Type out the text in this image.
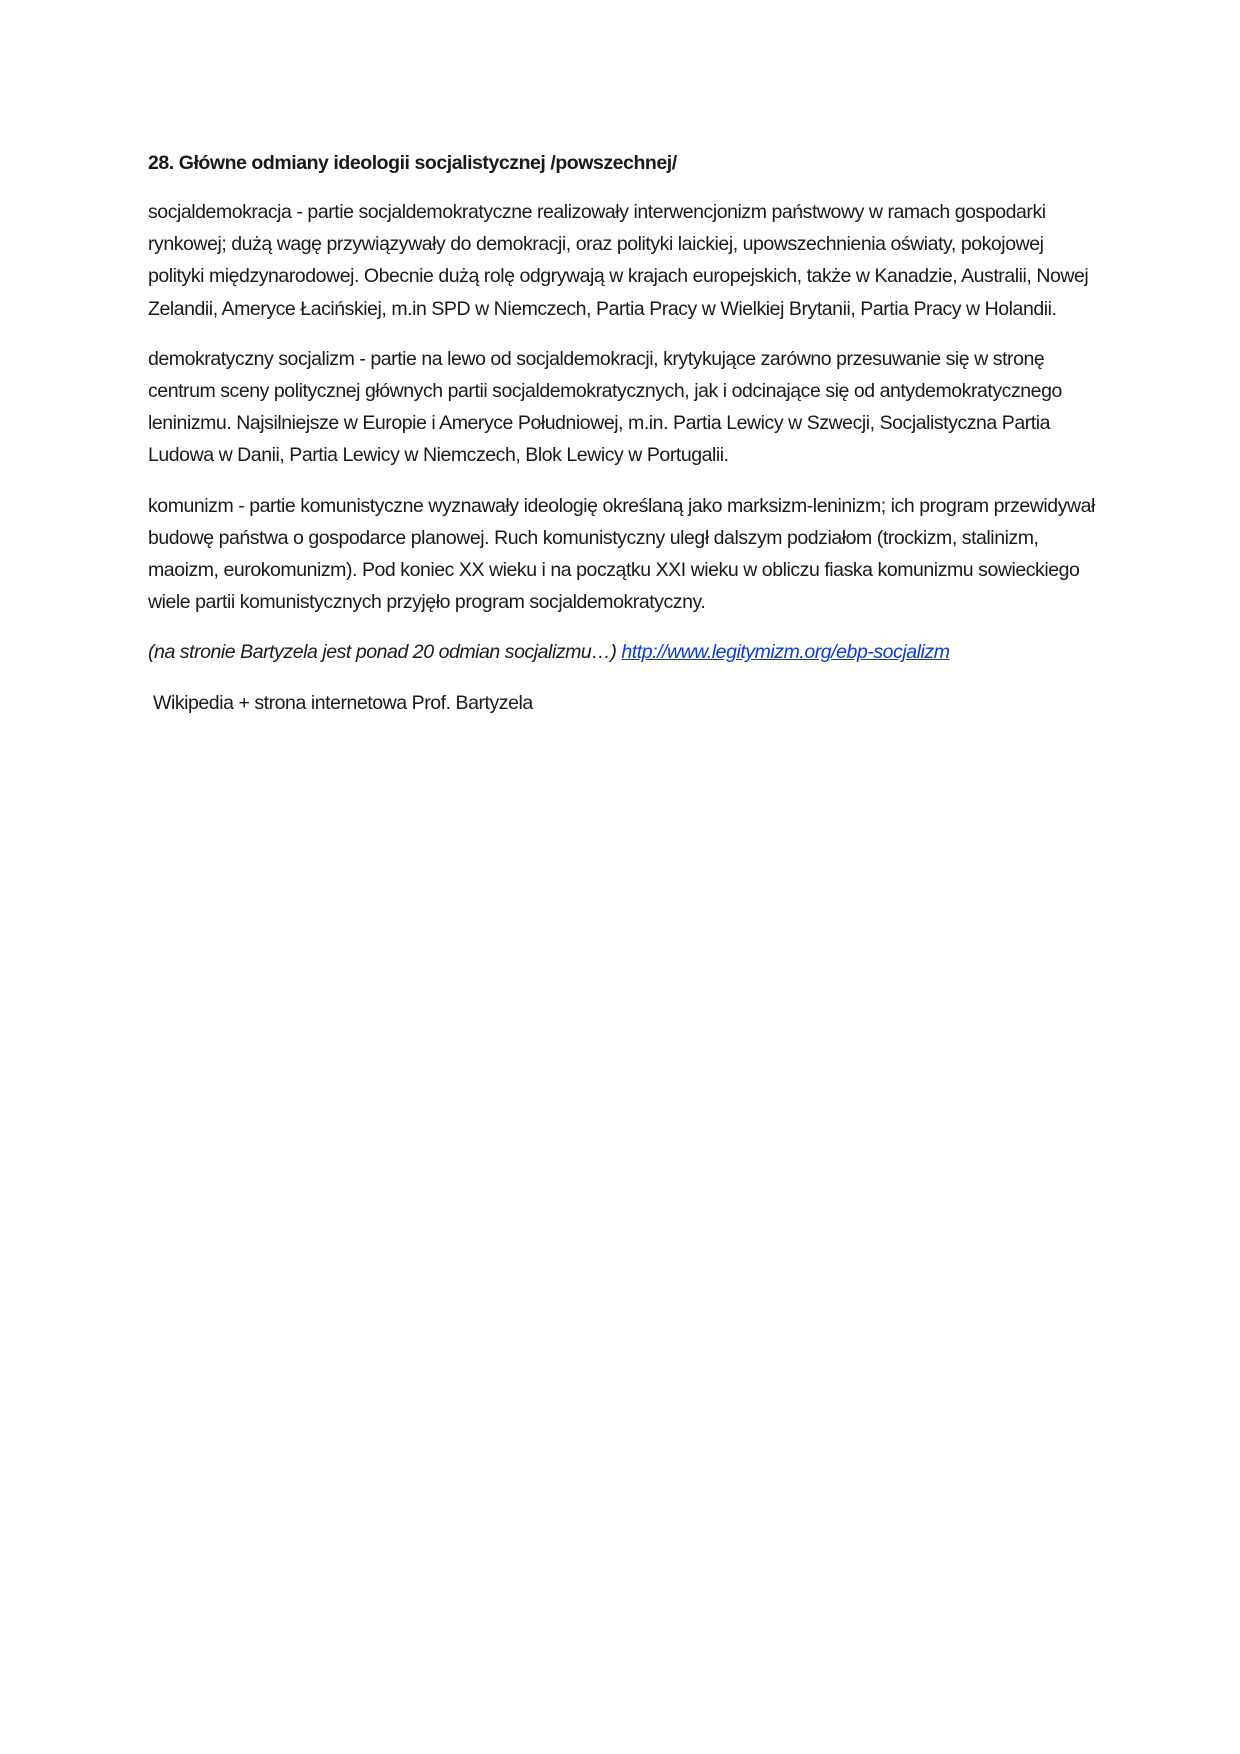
28. Główne odmiany ideologii socjalistycznej /powszechnej/
socjaldemokracja - partie socjaldemokratyczne realizowały interwencjonizm państwowy w ramach gospodarki rynkowej; dużą wagę przywiązywały do demokracji, oraz polityki laickiej, upowszechnienia oświaty, pokojowej polityki międzynarodowej. Obecnie dużą rolę odgrywają w krajach europejskich, także w Kanadzie, Australii, Nowej Zelandii, Ameryce Łacińskiej, m.in SPD w Niemczech, Partia Pracy w Wielkiej Brytanii, Partia Pracy w Holandii.
demokratyczny socjalizm - partie na lewo od socjaldemokracji, krytykujące zarówno przesuwanie się w stronę centrum sceny politycznej głównych partii socjaldemokratycznych, jak i odcinające się od antydemokratycznego leninizmu. Najsilniejsze w Europie i Ameryce Południowej, m.in. Partia Lewicy w Szwecji, Socjalistyczna Partia Ludowa w Danii, Partia Lewicy w Niemczech, Blok Lewicy w Portugalii.
komunizm - partie komunistyczne wyznawały ideologię określaną jako marksizm-leninizm; ich program przewidywał budowę państwa o gospodarce planowej. Ruch komunistyczny uległ dalszym podziałom (trockizm, stalinizm, maoizm, eurokomunizm). Pod koniec XX wieku i na początku XXI wieku w obliczu fiaska komunizmu sowieckiego wiele partii komunistycznych przyjęło program socjaldemokratyczny.
(na stronie Bartyzela jest ponad 20 odmian socjalizmu…) http://www.legitymizm.org/ebp-socjalizm
Wikipedia + strona internetowa Prof. Bartyzela
